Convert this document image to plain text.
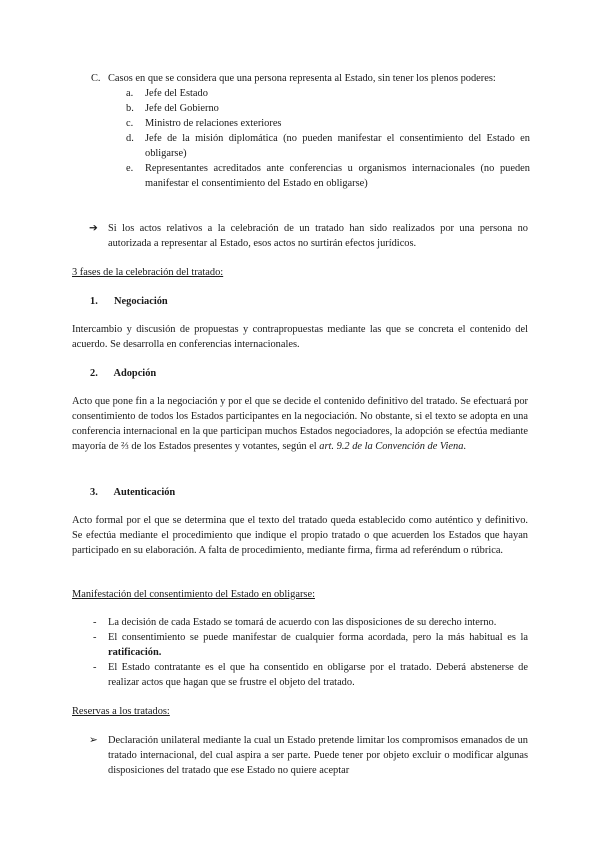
C. Casos en que se considera que una persona representa al Estado, sin tener los plenos poderes:
a. Jefe del Estado
b. Jefe del Gobierno
c. Ministro de relaciones exteriores
d. Jefe de la misión diplomática (no pueden manifestar el consentimiento del Estado en obligarse)
e. Representantes acreditados ante conferencias u organismos internacionales (no pueden manifestar el consentimiento del Estado en obligarse)
➔ Si los actos relativos a la celebración de un tratado han sido realizados por una persona no autorizada a representar al Estado, esos actos no surtirán efectos jurídicos.
3 fases de la celebración del tratado:
1. Negociación
Intercambio y discusión de propuestas y contrapropuestas mediante las que se concreta el contenido del acuerdo. Se desarrolla en conferencias internacionales.
2. Adopción
Acto que pone fin a la negociación y por el que se decide el contenido definitivo del tratado. Se efectuará por consentimiento de todos los Estados participantes en la negociación. No obstante, si el texto se adopta en una conferencia internacional en la que participan muchos Estados negociadores, la adopción se efectúa mediante mayoría de ⅔ de los Estados presentes y votantes, según el art. 9.2 de la Convención de Viena.
3. Autenticación
Acto formal por el que se determina que el texto del tratado queda establecido como auténtico y definitivo. Se efectúa mediante el procedimiento que indique el propio tratado o que acuerden los Estados que hayan participado en su elaboración. A falta de procedimiento, mediante firma, firma ad referéndum o rúbrica.
Manifestación del consentimiento del Estado en obligarse:
- La decisión de cada Estado se tomará de acuerdo con las disposiciones de su derecho interno.
- El consentimiento se puede manifestar de cualquier forma acordada, pero la más habitual es la ratificación.
- El Estado contratante es el que ha consentido en obligarse por el tratado. Deberá abstenerse de realizar actos que hagan que se frustre el objeto del tratado.
Reservas a los tratados:
➢ Declaración unilateral mediante la cual un Estado pretende limitar los compromisos emanados de un tratado internacional, del cual aspira a ser parte. Puede tener por objeto excluir o modificar algunas disposiciones del tratado que ese Estado no quiere aceptar
